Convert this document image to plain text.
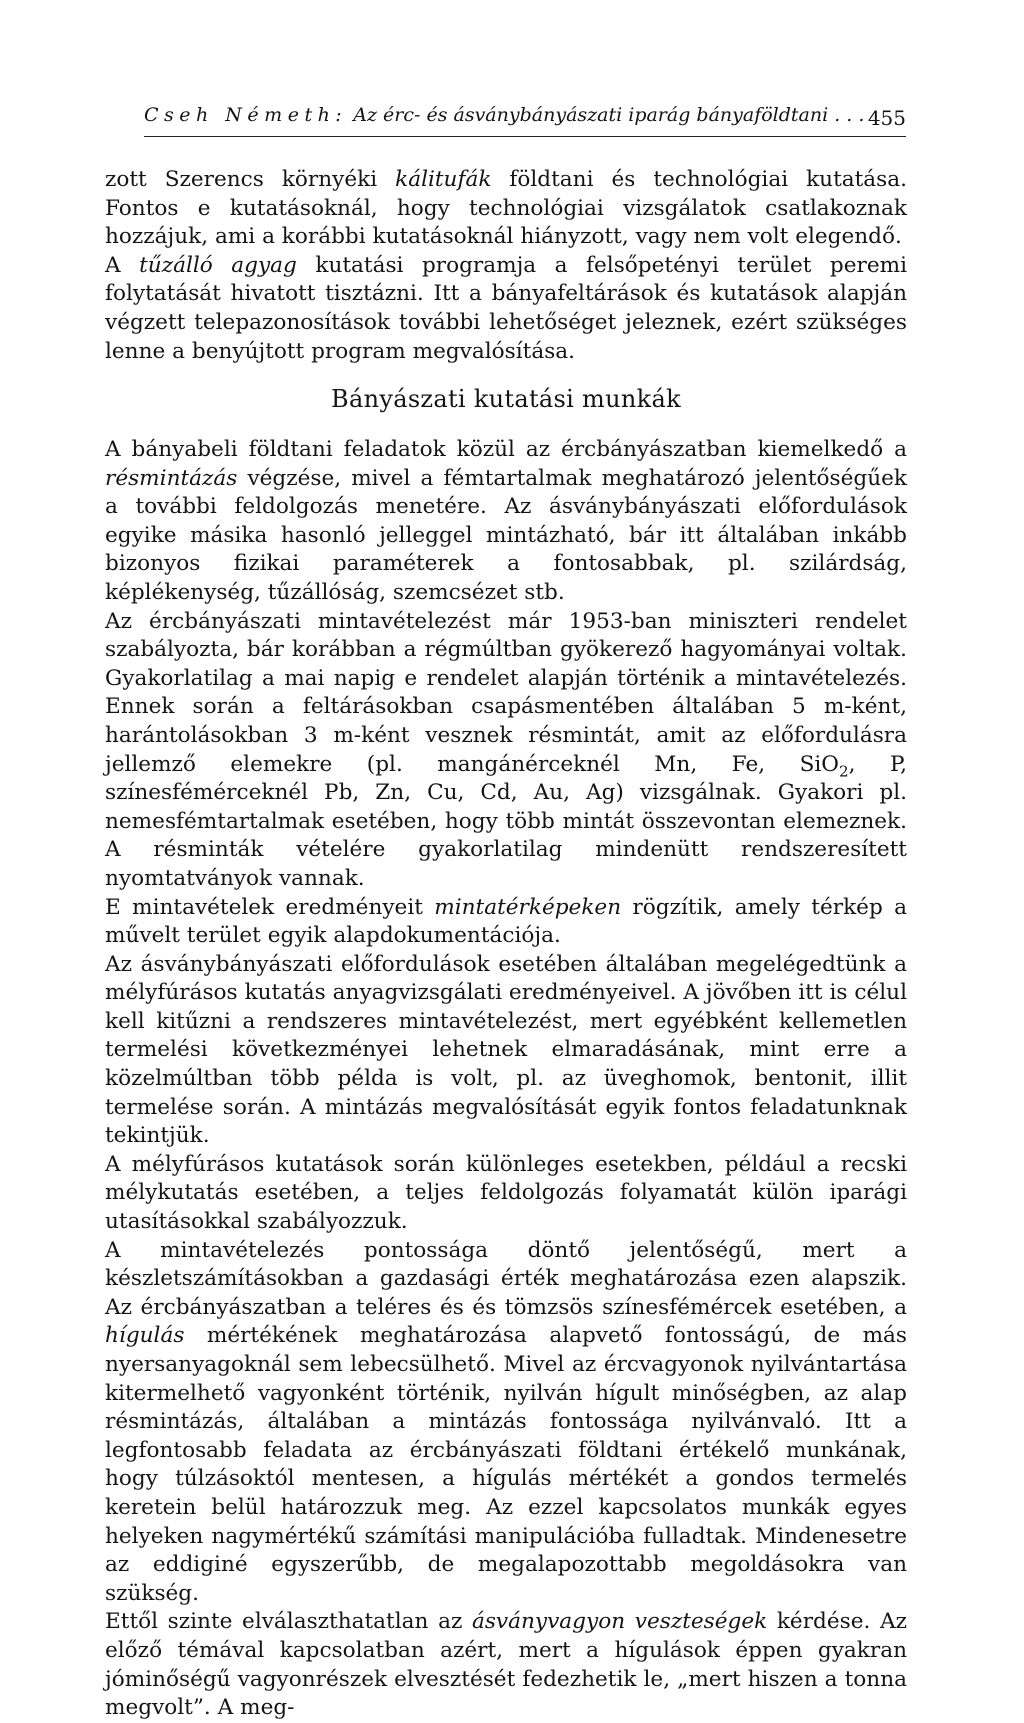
Cseh Németh: Az érc- és ásványbányászati iparág bányaföldtani . . . 455

zott Szerencs környéki kálitufák földtani és technológiai kutatása. Fontos e kutatásoknál, hogy technológiai vizsgálatok csatlakoznak hozzájuk, ami a korábbi kutatásoknál hiányzott, vagy nem volt elegendő.

A tűzálló agyag kutatási programja a felsőpetényi terület peremi folytatását hivatott tisztázni. Itt a bányafeltárások és kutatások alapján végzett telepazonosítások további lehetőséget jeleznek, ezért szükséges lenne a benyújtott program megvalósítása.

Bányászati kutatási munkák

A bányabeli földtani feladatok közül az ércbányászatban kiemelkedő a résmintázás végzése, mivel a fémtartalmak meghatározó jelentőségűek a további feldolgozás menetére. Az ásványbányászati előfordulások egyike másika hasonló jelleggel mintázható, bár itt általában inkább bizonyos fizikai paraméterek a fontosabbak, pl. szilárdság, képlékenység, tűzállóság, szemcsézet stb.

Az ércbányászati mintavételezést már 1953-ban miniszteri rendelet szabályozta, bár korábban a régmúltban gyökerező hagyományai voltak. Gyakorlatilag a mai napig e rendelet alapján történik a mintavételezés. Ennek során a feltárásokban csapásmentében általában 5 m-ként, harántolásokban 3 m-ként vesznek résmintát, amit az előfordulásra jellemző elemekre (pl. mangánérceknél Mn, Fe, SiO$_2$, P, színesfémérceknél Pb, Zn, Cu, Cd, Au, Ag) vizsgálnak. Gyakori pl. nemesfémtartalmak esetében, hogy több mintát összevontan elemeznek. A résminták vételére gyakorlatilag mindenütt rendszeresített nyomtatványok vannak.

E mintavételek eredményeit mintatérképeken rögzítik, amely térkép a művelt terület egyik alapdokumentációja.

Az ásványbányászati előfordulások esetében általában megelégedtünk a mélyfúrásos kutatás anyagvizsgálati eredményeivel. A jövőben itt is célul kell kitűzni a rendszeres mintavételezést, mert egyébként kellemetlen termelési következményei lehetnek elmaradásának, mint erre a közelmúltban több példa is volt, pl. az üveghomok, bentonit, illit termelése során. A mintázás megvalósítását egyik fontos feladatunknak tekintjük.

A mélyfúrásos kutatások során különleges esetekben, például a recski mélykutatás esetében, a teljes feldolgozás folyamatát külön iparági utasításokkal szabályozzuk.

A mintavételezés pontossága döntő jelentőségű, mert a készletszámításokban a gazdasági érték meghatározása ezen alapszik. Az ércbányászatban a teléres és és tömzsös színesfémércek esetében, a hígulás mértékének meghatározása alapvető fontosságú, de más nyersanyagoknál sem lebecsülhető. Mivel az ércvagyonok nyilvántartása kitermelhető vagyonként történik, nyilván hígult minőségben, az alap résmintázás, általában a mintázás fontossága nyilvánvaló. Itt a legfontosabb feladata az ércbányászati földtani értékelő munkának, hogy túlzásoktól mentesen, a hígulás mértékét a gondos termelés keretein belül határozzuk meg. Az ezzel kapcsolatos munkák egyes helyeken nagymértékű számítási manipulációba fulladtak. Mindenesetre az eddiginé egyszerűbb, de megalapozottabb megoldásokra van szükség.

Ettől szinte elválaszthatatlan az ásványvagyon veszteségek kérdése. Az előző témával kapcsolatban azért, mert a hígulások éppen gyakran jóminőségű vagyonrészek elvesztését fedezhetik le, „mert hiszen a tonna megvolt”. A meg-
